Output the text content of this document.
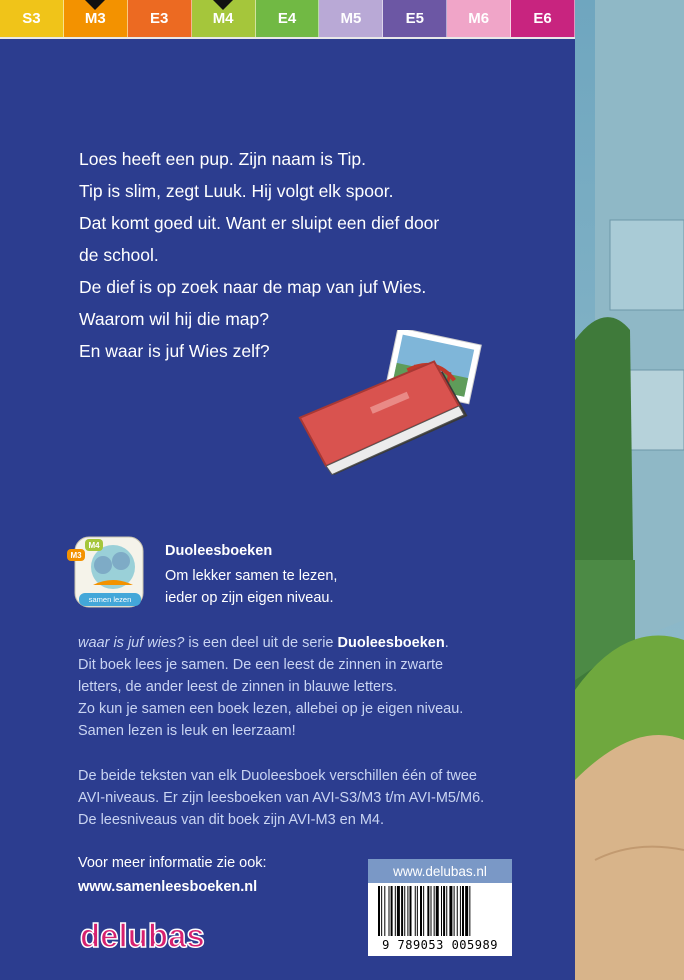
S3	M3	E3	M4	E4	M5	E5	M6	E6

Loes heeft een pup. Zijn naam is Tip.

Tip is slim, zegt Luuk. Hij volgt elk spoor.

Dat komt goed uit. Want er sluipt een dief door

de school.

De dief is op zoek naar de map van juf Wies.

Waarom wil hij die map?

En waar is juf Wies zelf?

M4
M3
samen lezen
Duoleesboeken

Om lekker samen te lezen,

ieder op zijn eigen niveau.

waar is juf wies? is een deel uit de serie Duoleesboeken.

Dit boek lees je samen. De een leest de zinnen in zwarte

letters, de ander leest de zinnen in blauwe letters.

Zo kun je samen een boek lezen, allebei op je eigen niveau.

Samen lezen is leuk en leerzaam!

De beide teksten van elk Duoleesboek verschillen één of twee

AVI-niveaus. Er zijn leesboeken van AVI-S3/M3 t/m AVI-M5/M6.

De leesniveaus van dit boek zijn AVI-M3 en M4.

Voor meer informatie zie ook:
www.samenleesboeken.nl
delubas
www.delubas.nl
9 789053 005989
